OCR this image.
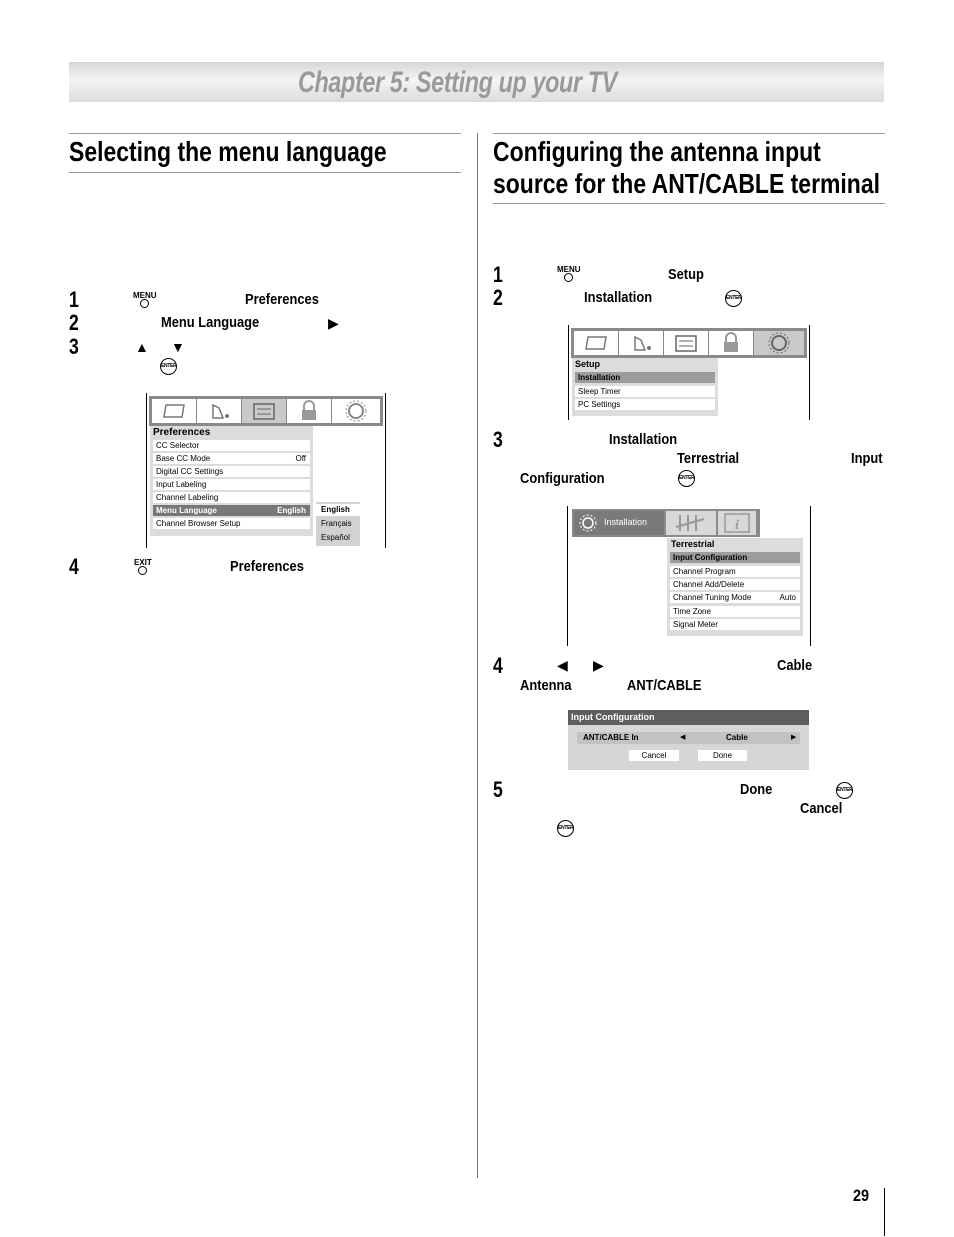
Chapter 5: Setting up your TV
Selecting the menu language
1	MENU	Preferences
2	Menu Language	▶
3	▲ ▼
ENTER
Preferences
CC Selector
Base CC Mode	Off
Digital CC Settings
Input Labeling
Channel Labeling
Menu Language	English
Channel Browser Setup
English
Français
Español
4	EXIT	Preferences
Configuring the antenna input
source for the ANT/CABLE terminal
1	MENU	Setup
2	Installation	ENTER
Setup
Installation
Sleep Timer
PC Settings
3	Installation
Terrestrial	Input
Configuration	ENTER
Installation	i
Terrestrial
Input Configuration
Channel Program
Channel Add/Delete
Channel Tuning Mode	Auto
Time Zone
Signal Meter
4	◀ ▶	Cable
Antenna	ANT/CABLE
Input Configuration
ANT/CABLE In	◀	Cable	▶
Cancel	Done
5	Done	ENTER
Cancel
ENTER
29
